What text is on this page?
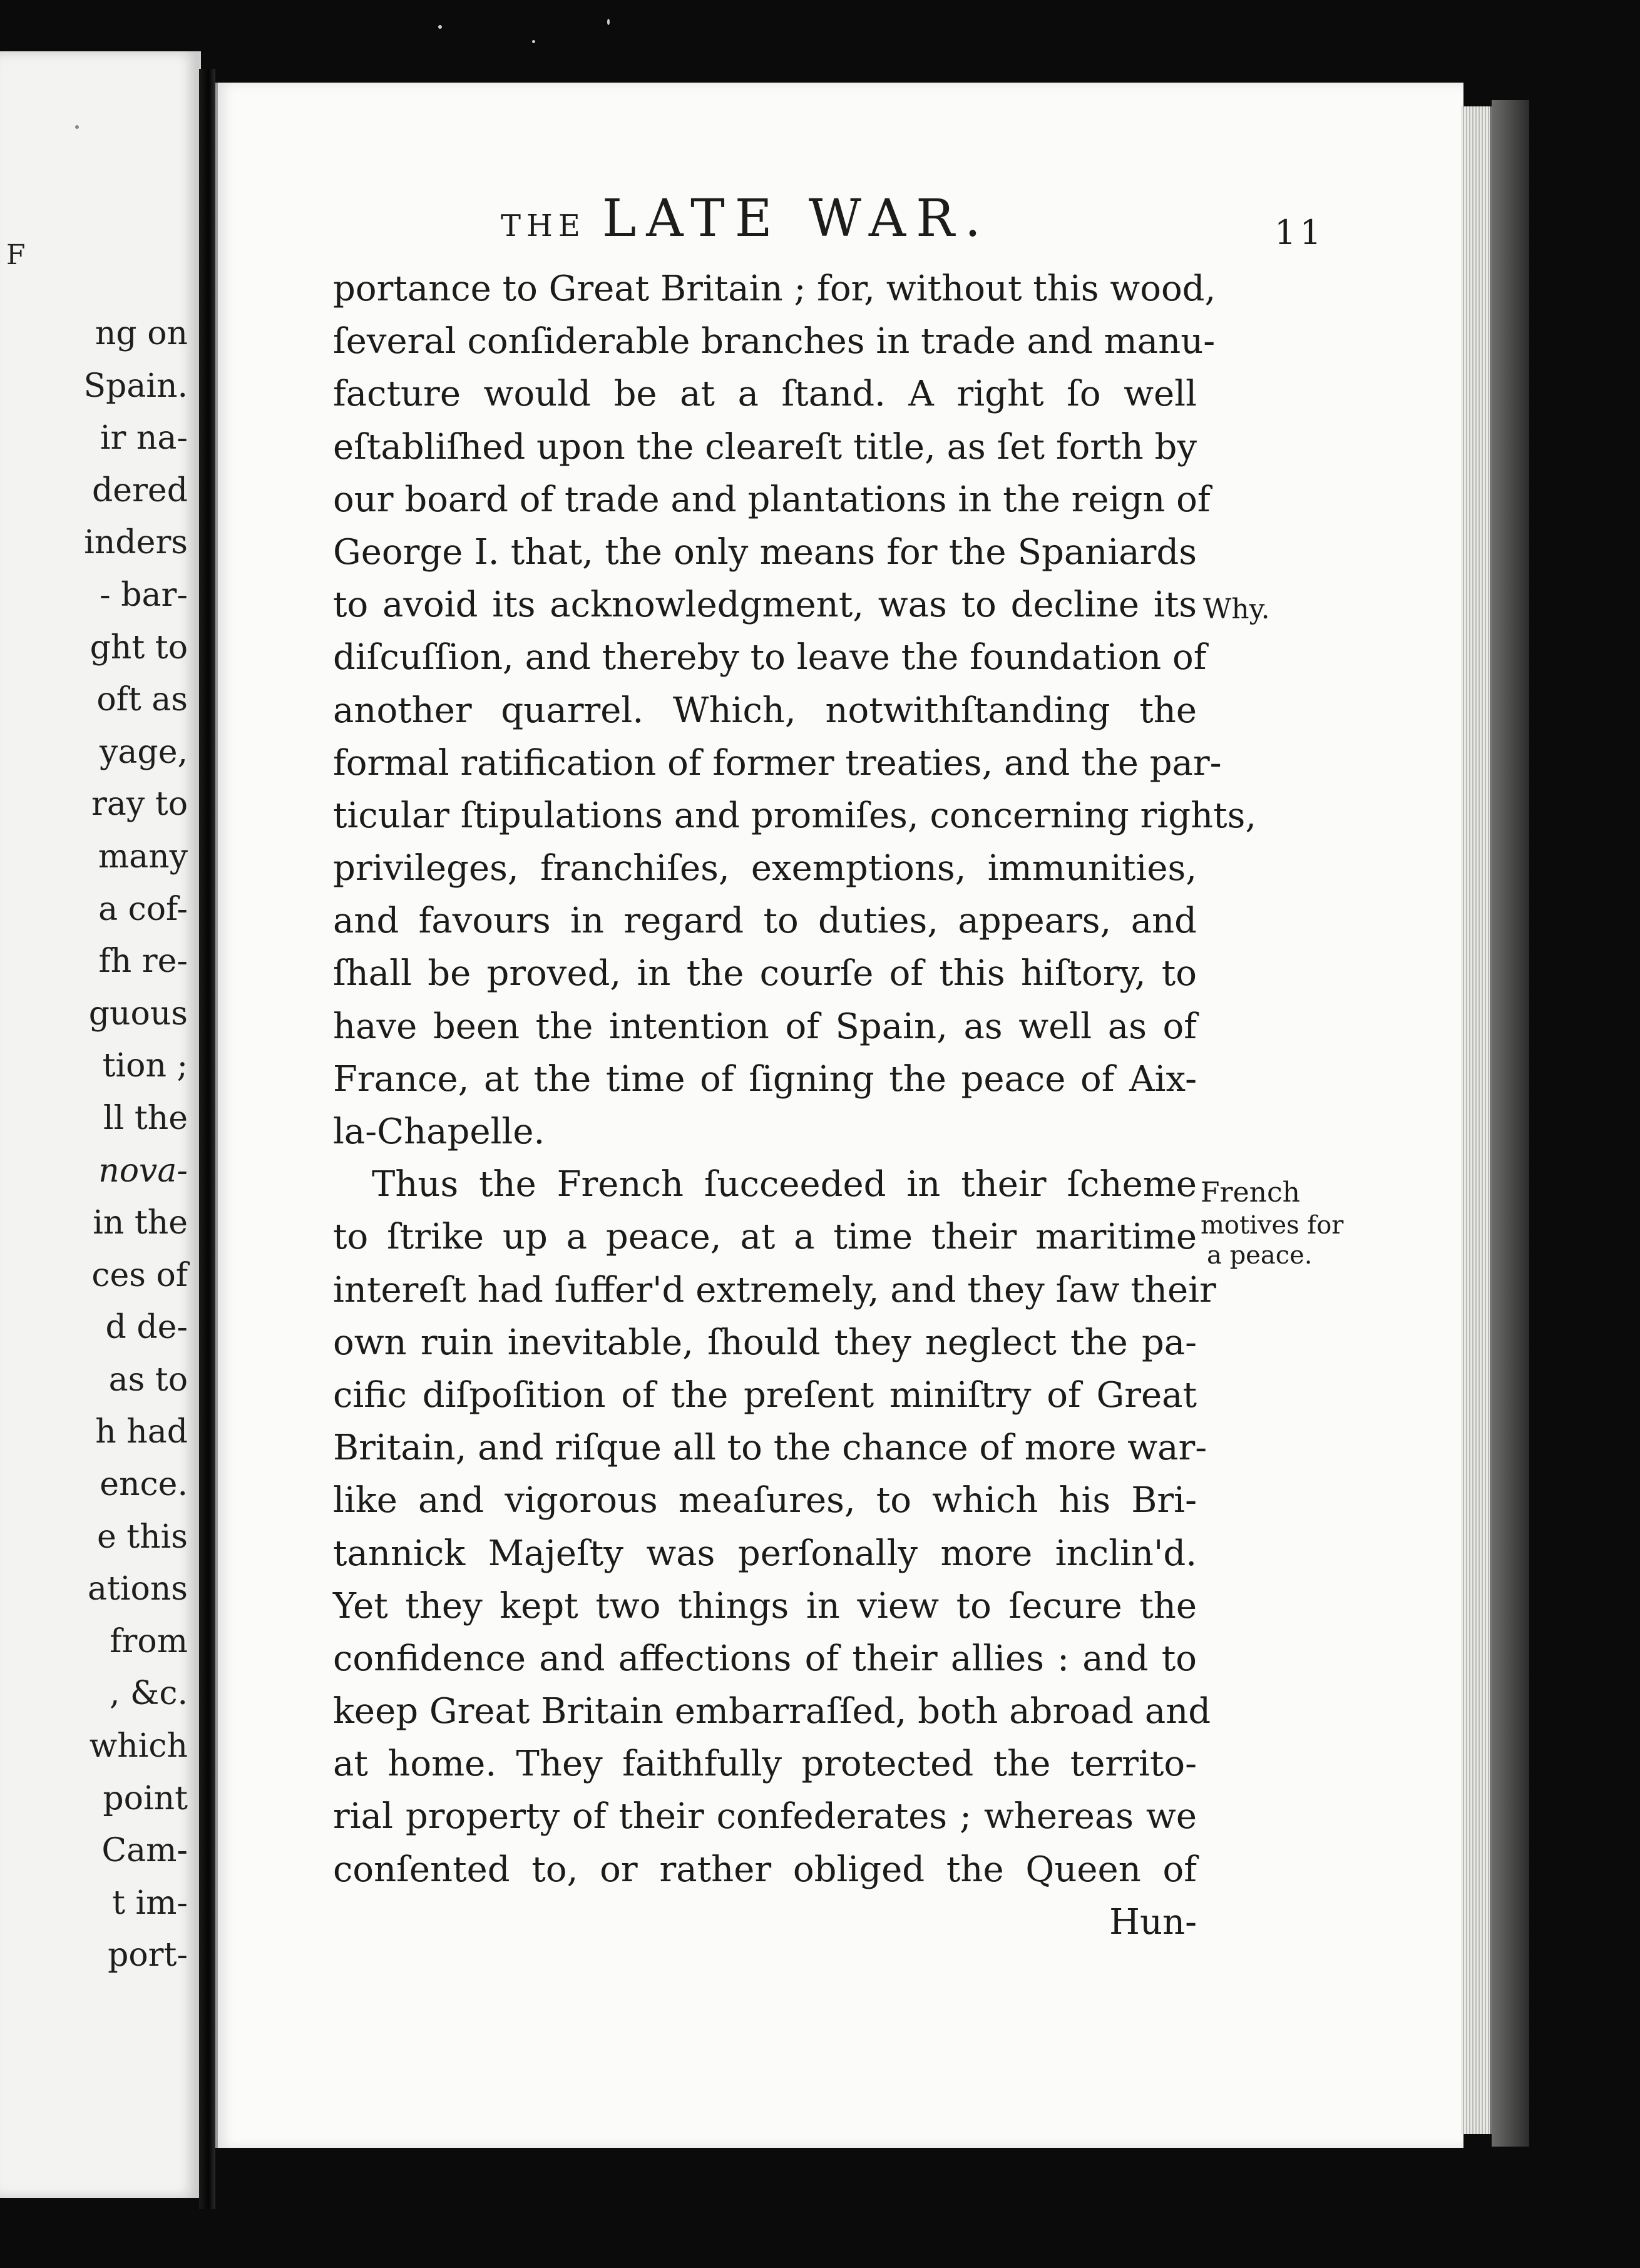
F
ng on
Spain.
ir na-
dered
inders
- bar-
ght to
oft as
yage,
ray to
many
a cof-
fh re-
guous
tion ;
ll the
nova-
in the
ces of
d de-
as to
h had
ence.
e this
ations
from
, &c.
which
point
Cam-
t im-
port-
THE LATE WAR.	11
portance to Great Britain ; for, without this wood,
ſeveral conſiderable branches in trade and manu-
facture would be at a ſtand. A right ſo well
eſtabliſhed upon the cleareſt title, as ſet forth by
our board of trade and plantations in the reign of
George I. that, the only means for the Spaniards
to avoid its acknowledgment, was to decline its
diſcuſſion, and thereby to leave the foundation of
another quarrel. Which, notwithſtanding the
formal ratification of former treaties, and the par-
ticular ſtipulations and promiſes, concerning rights,
privileges, franchiſes, exemptions, immunities,
and favours in regard to duties, appears, and
ſhall be proved, in the courſe of this hiſtory, to
have been the intention of Spain, as well as of
France, at the time of ſigning the peace of Aix-
la-Chapelle.
Thus the French ſucceeded in their ſcheme
to ſtrike up a peace, at a time their maritime
intereſt had ſuffer'd extremely, and they ſaw their
own ruin inevitable, ſhould they neglect the pa-
cific diſpoſition of the preſent miniſtry of Great
Britain, and riſque all to the chance of more war-
like and vigorous meaſures, to which his Bri-
tannick Majeſty was perſonally more inclin'd.
Yet they kept two things in view to ſecure the
confidence and affections of their allies : and to
keep Great Britain embarraſſed, both abroad and
at home. They faithfully protected the territo-
rial property of their confederates ; whereas we
conſented to, or rather obliged the Queen of
Hun-
Why.
French
motives for
a peace.
